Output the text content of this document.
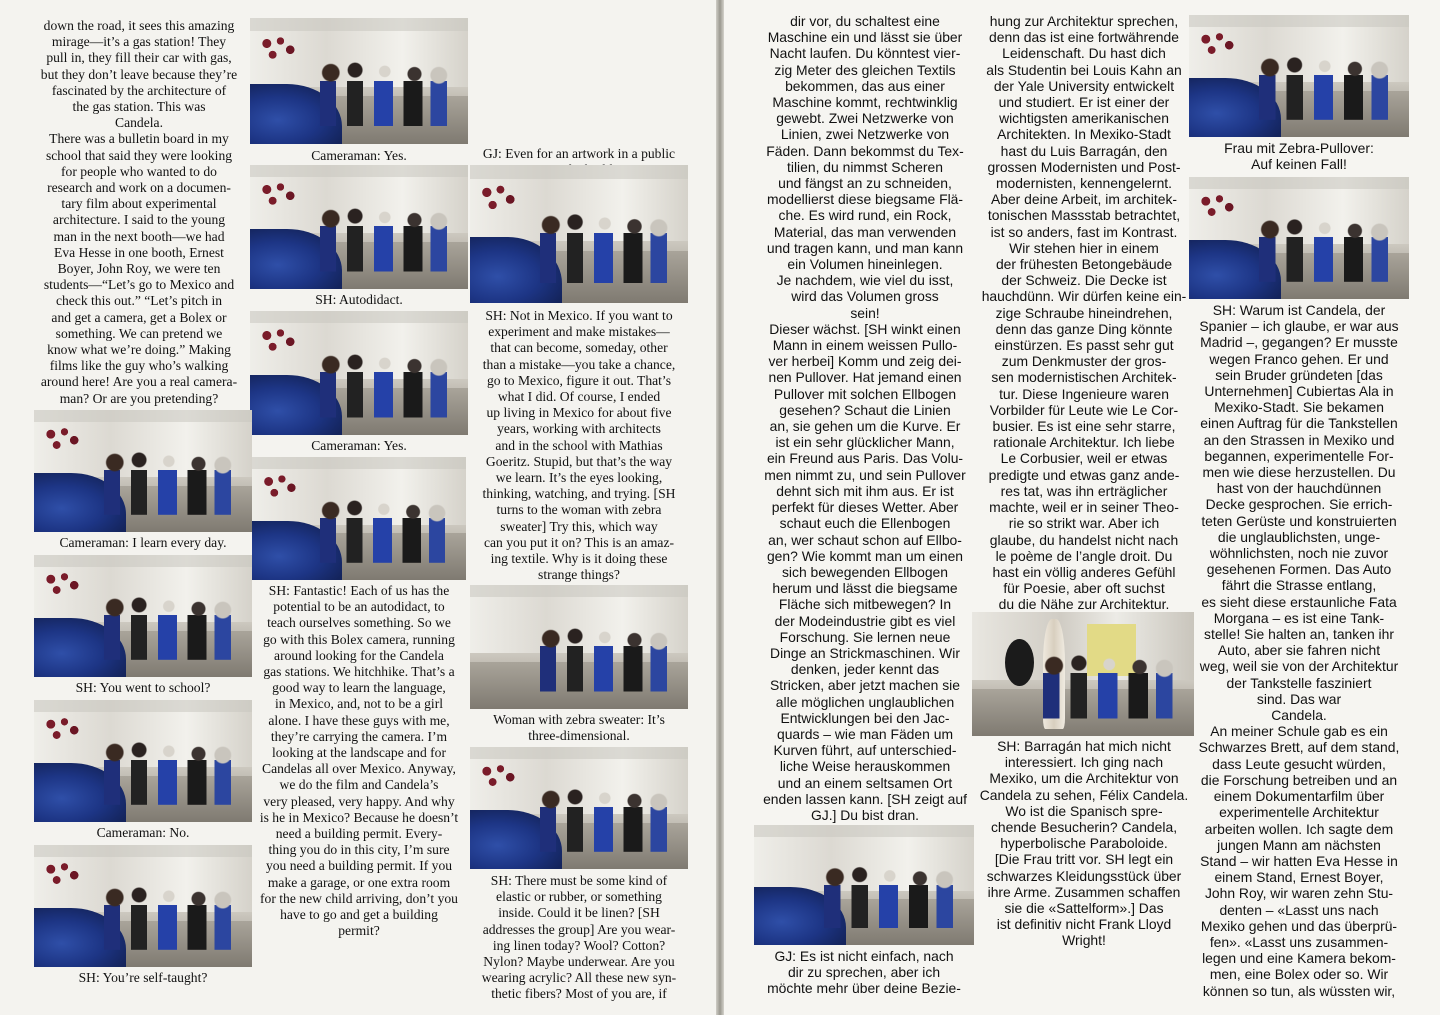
down the road, it sees this amazing
mirage—it’s a gas station! They
pull in, they fill their car with gas,
but they don’t leave because they’re
fascinated by the architecture of
the gas station. This was
Candela.
There was a bulletin board in my
school that said they were looking
for people who wanted to do
research and work on a documen-
tary film about experimental
architecture. I said to the young
man in the next booth—we had
Eva Hesse in one booth, Ernest
Boyer, John Roy, we were ten
students—“Let’s go to Mexico and
check this out.” “Let’s pitch in
and get a camera, get a Bolex or
something. We can pretend we
know what we’re doing.” Making
films like the guy who’s walking
around here! Are you a real camera-
man? Or are you pretending?

Cameraman: Yes.

SH: Autodidact.

Cameraman: Yes.

Cameraman: I learn every day.

SH: You went to school?

Cameraman: No.

SH: You’re self-taught?

SH: Fantastic! Each of us has the
potential to be an autodidact, to
teach ourselves something. So we
go with this Bolex camera, running
around looking for the Candela
gas stations. We hitchhike. That’s a
good way to learn the language,
in Mexico, and, not to be a girl
alone. I have these guys with me,
they’re carrying the camera. I’m
looking at the landscape and for
Candelas all over Mexico. Anyway,
we do the film and Candela’s
very pleased, very happy. And why
is he in Mexico? Because he doesn’t
need a building permit. Every-
thing you do in this city, I’m sure
you need a building permit. If you
make a garage, or one extra room
for the new child arriving, don’t you
have to go and get a building
permit?

GJ: Even for an artwork in a public

SH: Not in Mexico. If you want to
experiment and make mistakes—
that can become, someday, other
than a mistake—you take a chance,
go to Mexico, figure it out. That’s
what I did. Of course, I ended
up living in Mexico for about five
years, working with architects
and in the school with Mathias
Goeritz. Stupid, but that’s the way
we learn. It’s the eyes looking,
thinking, watching, and trying. [SH
turns to the woman with zebra
sweater] Try this, which way
can you put it on? This is an amaz-
ing textile. Why is it doing these
strange things?

Woman with zebra sweater: It’s
three-dimensional.

SH: There must be some kind of
elastic or rubber, or something
inside. Could it be linen? [SH
addresses the group] Are you wear-
ing linen today? Wool? Cotton?
Nylon? Maybe underwear. Are you
wearing acrylic? All these new syn-
thetic fibers? Most of you are, if

dir vor, du schaltest eine
Maschine ein und lässt sie über
Nacht laufen. Du könntest vier-
zig Meter des gleichen Textils
bekommen, das aus einer
Maschine kommt, rechtwinklig
gewebt. Zwei Netzwerke von
Linien, zwei Netzwerke von
Fäden. Dann bekommst du Tex-
tilien, du nimmst Scheren
und fängst an zu schneiden,
modellierst diese biegsame Flä-
che. Es wird rund, ein Rock,
Material, das man verwenden
und tragen kann, und man kann
ein Volumen hineinlegen.
Je nachdem, wie viel du isst,
wird das Volumen gross
sein!
Dieser wächst. [SH winkt einen
Mann in einem weissen Pullo-
ver herbei] Komm und zeig dei-
nen Pullover. Hat jemand einen
Pullover mit solchen Ellbogen
gesehen? Schaut die Linien
an, sie gehen um die Kurve. Er
ist ein sehr glücklicher Mann,
ein Freund aus Paris. Das Volu-
men nimmt zu, und sein Pullover
dehnt sich mit ihm aus. Er ist
perfekt für dieses Wetter. Aber
schaut euch die Ellenbogen
an, wer schaut schon auf Ellbo-
gen? Wie kommt man um einen
sich bewegenden Ellbogen
herum und lässt die biegsame
Fläche sich mitbewegen? In
der Modeindustrie gibt es viel
Forschung. Sie lernen neue
Dinge an Strickmaschinen. Wir
denken, jeder kennt das
Stricken, aber jetzt machen sie
alle möglichen unglaublichen
Entwicklungen bei den Jac-
quards – wie man Fäden um
Kurven führt, auf unterschied-
liche Weise herauskommen
und an einem seltsamen Ort
enden lassen kann. [SH zeigt auf
GJ.] Du bist dran.

GJ: Es ist nicht einfach, nach
dir zu sprechen, aber ich
möchte mehr über deine Bezie-

hung zur Architektur sprechen,
denn das ist eine fortwährende
Leidenschaft. Du hast dich
als Studentin bei Louis Kahn an
der Yale University entwickelt
und studiert. Er ist einer der
wichtigsten amerikanischen
Architekten. In Mexiko-Stadt
hast du Luis Barragán, den
grossen Modernisten und Post-
modernisten, kennengelernt.
Aber deine Arbeit, im architek-
tonischen Massstab betrachtet,
ist so anders, fast im Kontrast.
Wir stehen hier in einem
der frühesten Betongebäude
der Schweiz. Die Decke ist
hauchdünn. Wir dürfen keine ein-
zige Schraube hineindrehen,
denn das ganze Ding könnte
einstürzen. Es passt sehr gut
zum Denkmuster der gros-
sen modernistischen Architek-
tur. Diese Ingenieure waren
Vorbilder für Leute wie Le Cor-
busier. Es ist eine sehr starre,
rationale Architektur. Ich liebe
Le Corbusier, weil er etwas
predigte und etwas ganz ande-
res tat, was ihn erträglicher
machte, weil er in seiner Theo-
rie so strikt war. Aber ich
glaube, du handelst nicht nach
le poème de l’angle droit. Du
hast ein völlig anderes Gefühl
für Poesie, aber oft suchst
du die Nähe zur Architektur.

SH: Barragán hat mich nicht
interessiert. Ich ging nach
Mexiko, um die Architektur von
Candela zu sehen, Félix Candela.
Wo ist die Spanisch spre-
chende Besucherin? Candela,
hyperbolische Paraboloide.
[Die Frau tritt vor. SH legt ein
schwarzes Kleidungsstück über
ihre Arme. Zusammen schaffen
sie die «Sattelform».] Das
ist definitiv nicht Frank Lloyd
Wright!

Frau mit Zebra-Pullover:
Auf keinen Fall!

SH: Warum ist Candela, der
Spanier – ich glaube, er war aus
Madrid –, gegangen? Er musste
wegen Franco gehen. Er und
sein Bruder gründeten [das
Unternehmen] Cubiertas Ala in
Mexiko-Stadt. Sie bekamen
einen Auftrag für die Tankstellen
an den Strassen in Mexiko und
begannen, experimentelle For-
men wie diese herzustellen. Du
hast von der hauchdünnen
Decke gesprochen. Sie errich-
teten Gerüste und konstruierten
die unglaublichsten, unge-
wöhnlichsten, noch nie zuvor
gesehenen Formen. Das Auto
fährt die Strasse entlang,
es sieht diese erstaunliche Fata
Morgana – es ist eine Tank-
stelle! Sie halten an, tanken ihr
Auto, aber sie fahren nicht
weg, weil sie von der Architektur
der Tankstelle fasziniert
sind. Das war
Candela.
An meiner Schule gab es ein
Schwarzes Brett, auf dem stand,
dass Leute gesucht würden,
die Forschung betreiben und an
einem Dokumentarfilm über
experimentelle Architektur
arbeiten wollen. Ich sagte dem
jungen Mann am nächsten
Stand – wir hatten Eva Hesse in
einem Stand, Ernest Boyer,
John Roy, wir waren zehn Stu-
denten – «Lasst uns nach
Mexiko gehen und das überprü-
fen». «Lasst uns zusammen-
legen und eine Kamera bekom-
men, eine Bolex oder so. Wir
können so tun, als wüssten wir,
